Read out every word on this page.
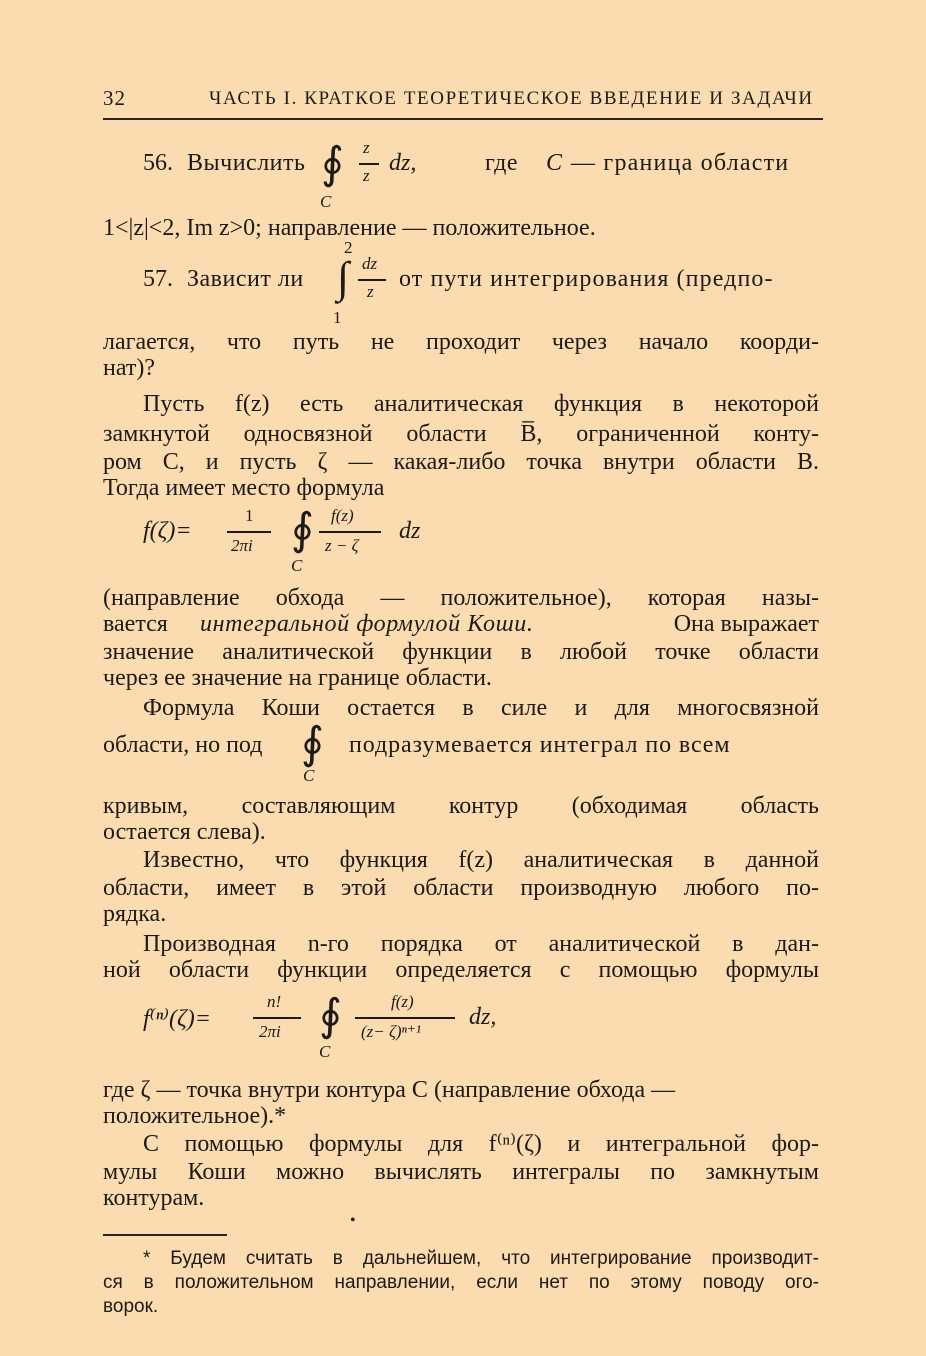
32	ЧАСТЬ I. КРАТКОЕ ТЕОРЕТИЧЕСКОЕ ВВЕДЕНИЕ И ЗАДАЧИ
56. Вычислить ∮ z
z dz,
C
где C — граница области
1<|z|<2, Im z>0; направление — положительное.
2
57. Зависит ли ∫ dz
z
1
от пути интегрирования (предпо-
лагается, что путь не проходит через начало коорди-
нат)?
Пусть f(z) есть аналитическая функция в некоторой
замкнутой односвязной области B̅, ограниченной конту-
ром C, и пусть ζ — какая-либо точка внутри области B.
Тогда имеет место формула
f(ζ)=
1
2πi ∮
C
f(z)
z − ζ
dz
(направление обхода — положительное), которая назы-
вается интегральной формулой Коши.	Она выражает
значение аналитической функции в любой точке области
через ее значение на границе области.
Формула Коши остается в силе и для многосвязной
области, но под ∮
C
подразумевается интеграл по всем
кривым, составляющим контур (обходимая область
остается слева).
Известно, что функция f(z) аналитическая в данной
области, имеет в этой области производную любого по-
рядка.
Производная n-го порядка от аналитической в дан-
ной области функции определяется с помощью формулы
f⁽ⁿ⁾(ζ)=
n!
2πi ∮
C
f(z)
(z− ζ)ⁿ⁺¹
dz,
где ζ — точка внутри контура C (направление обхода —
положительное).*
С помощью формулы для f⁽ⁿ⁾(ζ) и интегральной фор-
мулы Коши можно вычислять интегралы по замкнутым
контурам.
•
* Будем считать в дальнейшем, что интегрирование производит-
ся в положительном направлении, если нет по этому поводу ого-
ворок.
